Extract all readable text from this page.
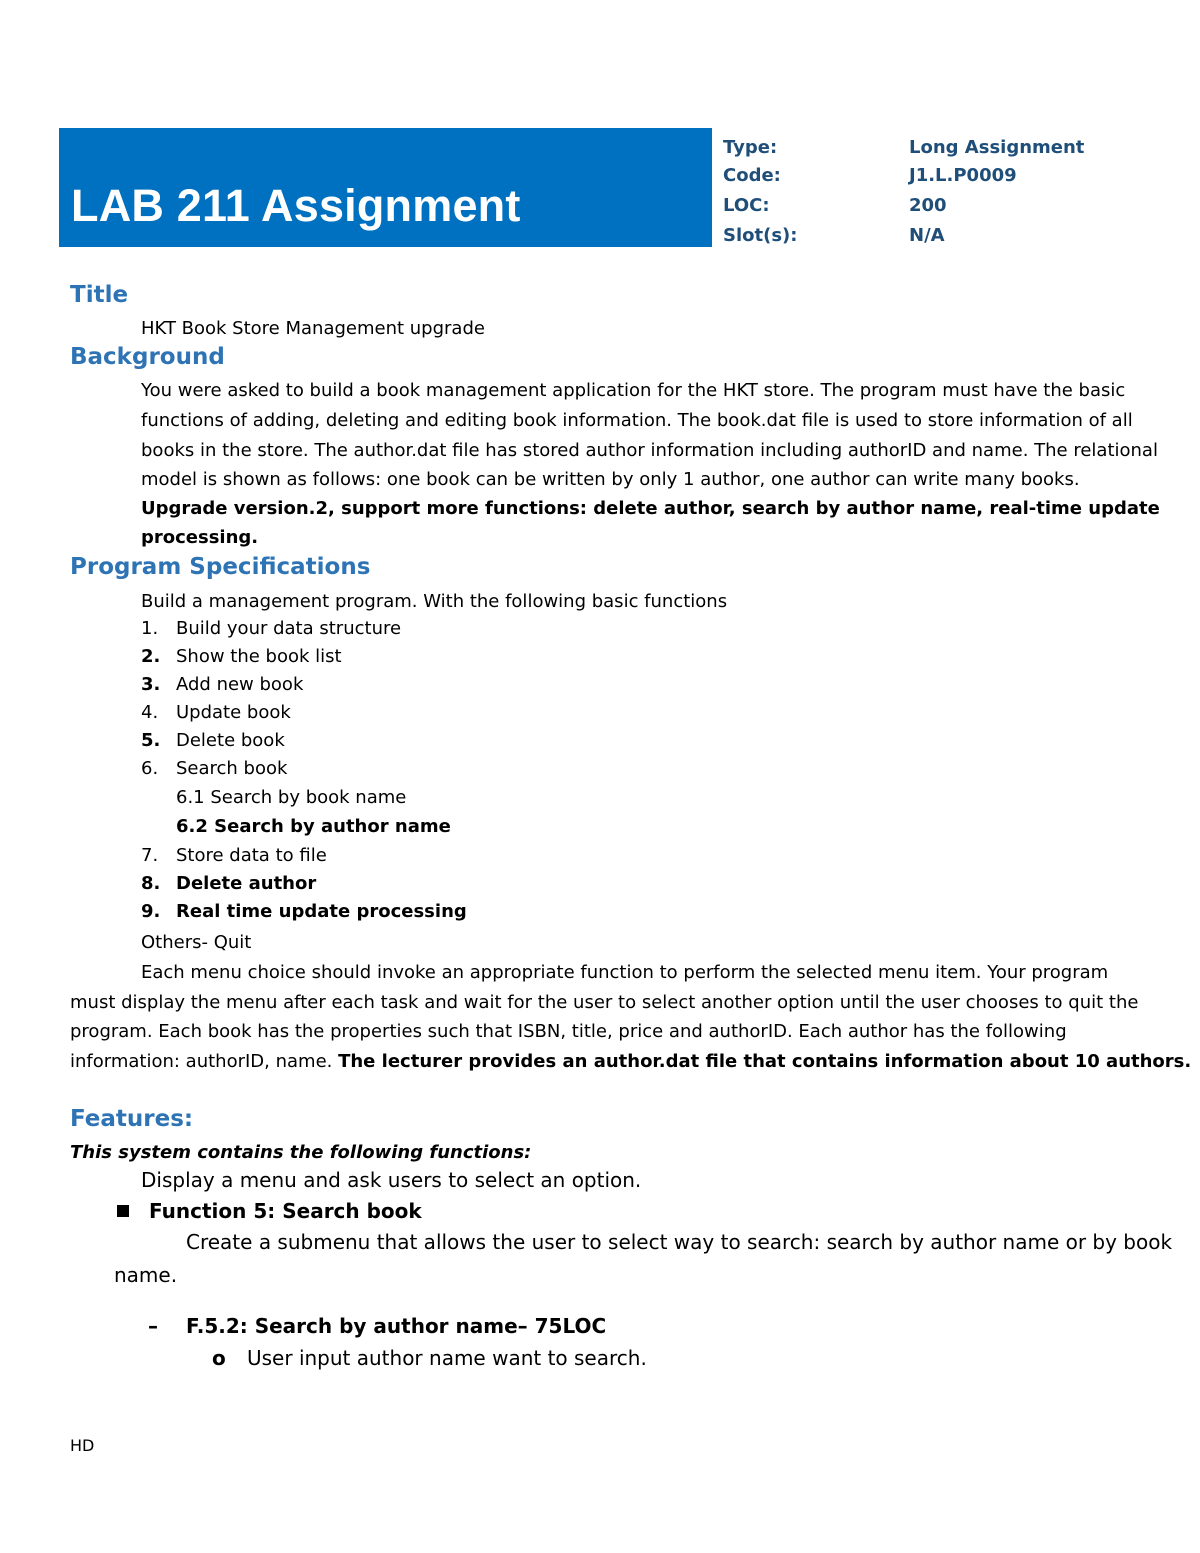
LAB 211 Assignment
Type:	Long Assignment
Code:	J1.L.P0009
LOC:	200
Slot(s):	N/A
Title
HKT Book Store Management upgrade
Background
You were asked to build a book management application for the HKT store. The program must have the basic
functions of adding, deleting and editing book information. The book.dat file is used to store information of all
books in the store. The author.dat file has stored author information including authorID and name. The relational
model is shown as follows: one book can be written by only 1 author, one author can write many books.
Upgrade version.2, support more functions: delete author, search by author name, real-time update
processing.
Program Specifications
Build a management program. With the following basic functions
1. Build your data structure
2. Show the book list
3. Add new book
4. Update book
5. Delete book
6. Search book
6.1 Search by book name
6.2 Search by author name
7. Store data to file
8. Delete author
9. Real time update processing
Others- Quit
Each menu choice should invoke an appropriate function to perform the selected menu item. Your program
must display the menu after each task and wait for the user to select another option until the user chooses to quit the
program. Each book has the properties such that ISBN, title, price and authorID. Each author has the following
information: authorID, name. The lecturer provides an author.dat file that contains information about 10 authors.
Features:
This system contains the following functions:
Display a menu and ask users to select an option.
Function 5: Search book
Create a submenu that allows the user to select way to search: search by author name or by book
name.
– F.5.2: Search by author name– 75LOC
o User input author name want to search.
HD
